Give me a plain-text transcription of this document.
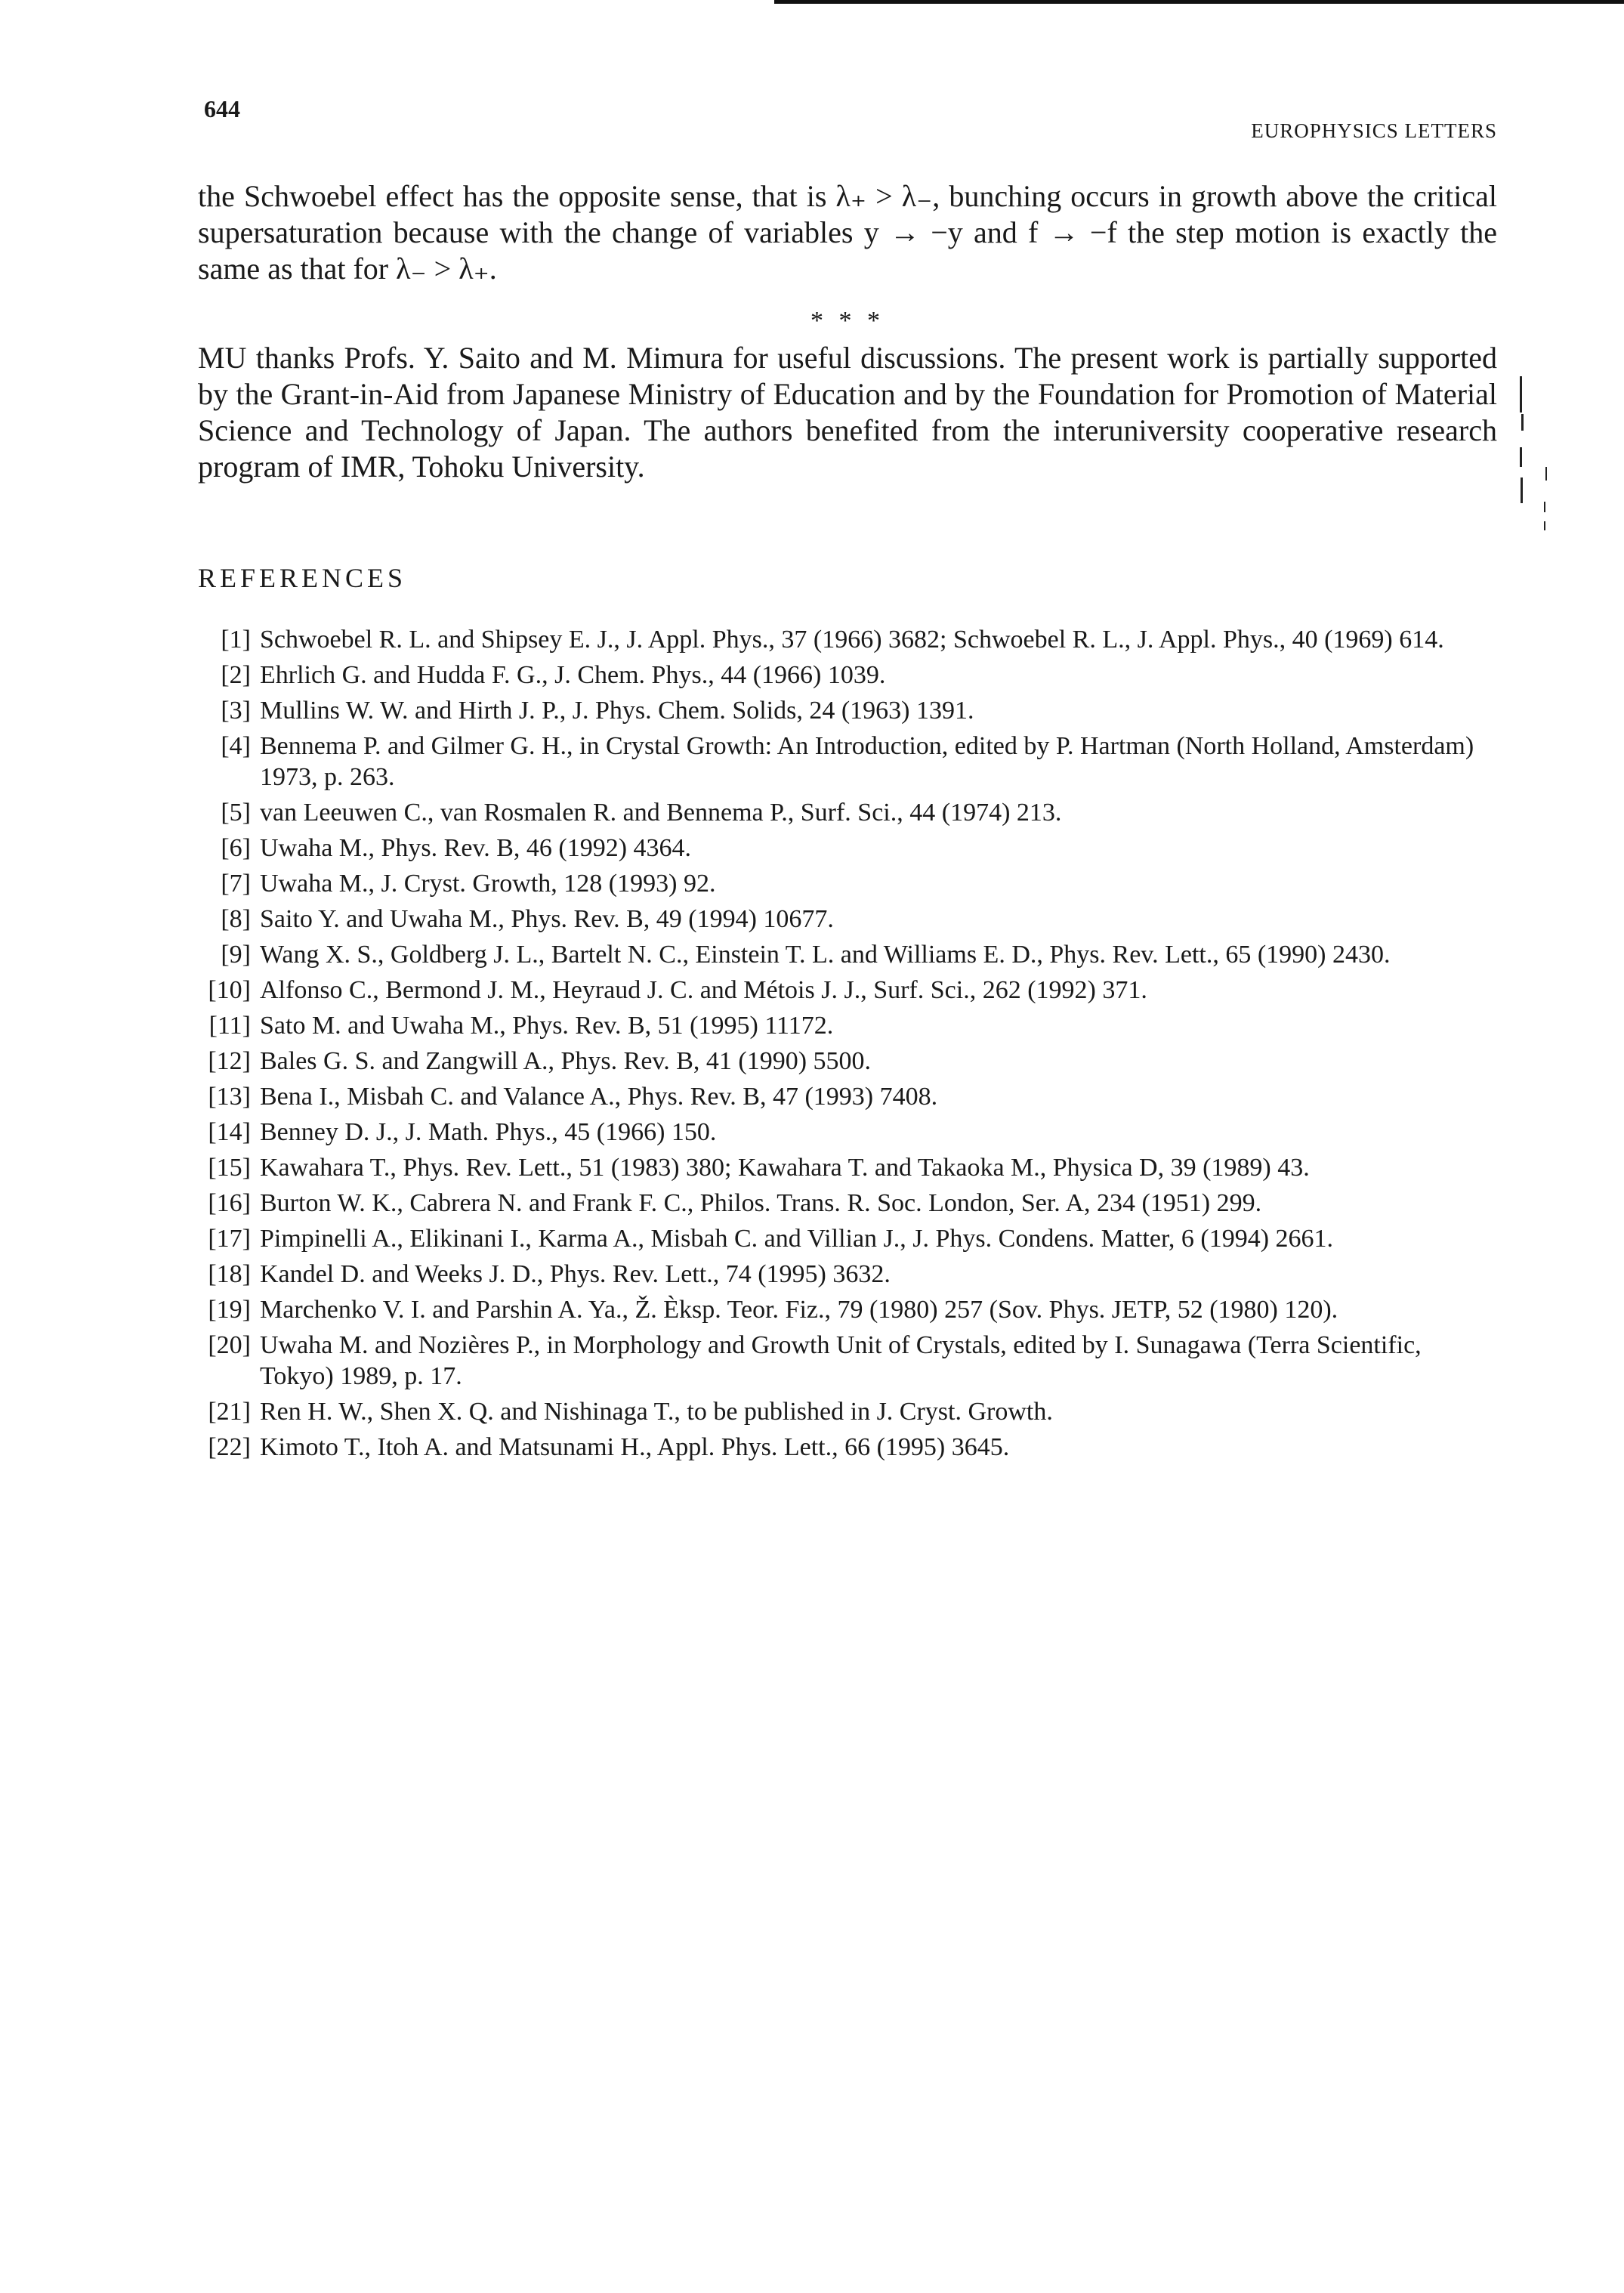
644
EUROPHYSICS LETTERS

the Schwoebel effect has the opposite sense, that is λ₊ > λ₋, bunching occurs in growth above the critical supersaturation because with the change of variables y → −y and f → −f the step motion is exactly the same as that for λ₋ > λ₊.

* * *

MU thanks Profs. Y. Saito and M. Mimura for useful discussions. The present work is partially supported by the Grant-in-Aid from Japanese Ministry of Education and by the Foundation for Promotion of Material Science and Technology of Japan. The authors benefited from the interuniversity cooperative research program of IMR, Tohoku University.

REFERENCES
[1] Schwoebel R. L. and Shipsey E. J., J. Appl. Phys., 37 (1966) 3682; Schwoebel R. L., J. Appl. Phys., 40 (1969) 614.
[2] Ehrlich G. and Hudda F. G., J. Chem. Phys., 44 (1966) 1039.
[3] Mullins W. W. and Hirth J. P., J. Phys. Chem. Solids, 24 (1963) 1391.
[4] Bennema P. and Gilmer G. H., in Crystal Growth: An Introduction, edited by P. Hartman (North Holland, Amsterdam) 1973, p. 263.
[5] van Leeuwen C., van Rosmalen R. and Bennema P., Surf. Sci., 44 (1974) 213.
[6] Uwaha M., Phys. Rev. B, 46 (1992) 4364.
[7] Uwaha M., J. Cryst. Growth, 128 (1993) 92.
[8] Saito Y. and Uwaha M., Phys. Rev. B, 49 (1994) 10677.
[9] Wang X. S., Goldberg J. L., Bartelt N. C., Einstein T. L. and Williams E. D., Phys. Rev. Lett., 65 (1990) 2430.
[10] Alfonso C., Bermond J. M., Heyraud J. C. and Métois J. J., Surf. Sci., 262 (1992) 371.
[11] Sato M. and Uwaha M., Phys. Rev. B, 51 (1995) 11172.
[12] Bales G. S. and Zangwill A., Phys. Rev. B, 41 (1990) 5500.
[13] Bena I., Misbah C. and Valance A., Phys. Rev. B, 47 (1993) 7408.
[14] Benney D. J., J. Math. Phys., 45 (1966) 150.
[15] Kawahara T., Phys. Rev. Lett., 51 (1983) 380; Kawahara T. and Takaoka M., Physica D, 39 (1989) 43.
[16] Burton W. K., Cabrera N. and Frank F. C., Philos. Trans. R. Soc. London, Ser. A, 234 (1951) 299.
[17] Pimpinelli A., Elikinani I., Karma A., Misbah C. and Villian J., J. Phys. Condens. Matter, 6 (1994) 2661.
[18] Kandel D. and Weeks J. D., Phys. Rev. Lett., 74 (1995) 3632.
[19] Marchenko V. I. and Parshin A. Ya., Ž. Èksp. Teor. Fiz., 79 (1980) 257 (Sov. Phys. JETP, 52 (1980) 120).
[20] Uwaha M. and Nozières P., in Morphology and Growth Unit of Crystals, edited by I. Sunagawa (Terra Scientific, Tokyo) 1989, p. 17.
[21] Ren H. W., Shen X. Q. and Nishinaga T., to be published in J. Cryst. Growth.
[22] Kimoto T., Itoh A. and Matsunami H., Appl. Phys. Lett., 66 (1995) 3645.
